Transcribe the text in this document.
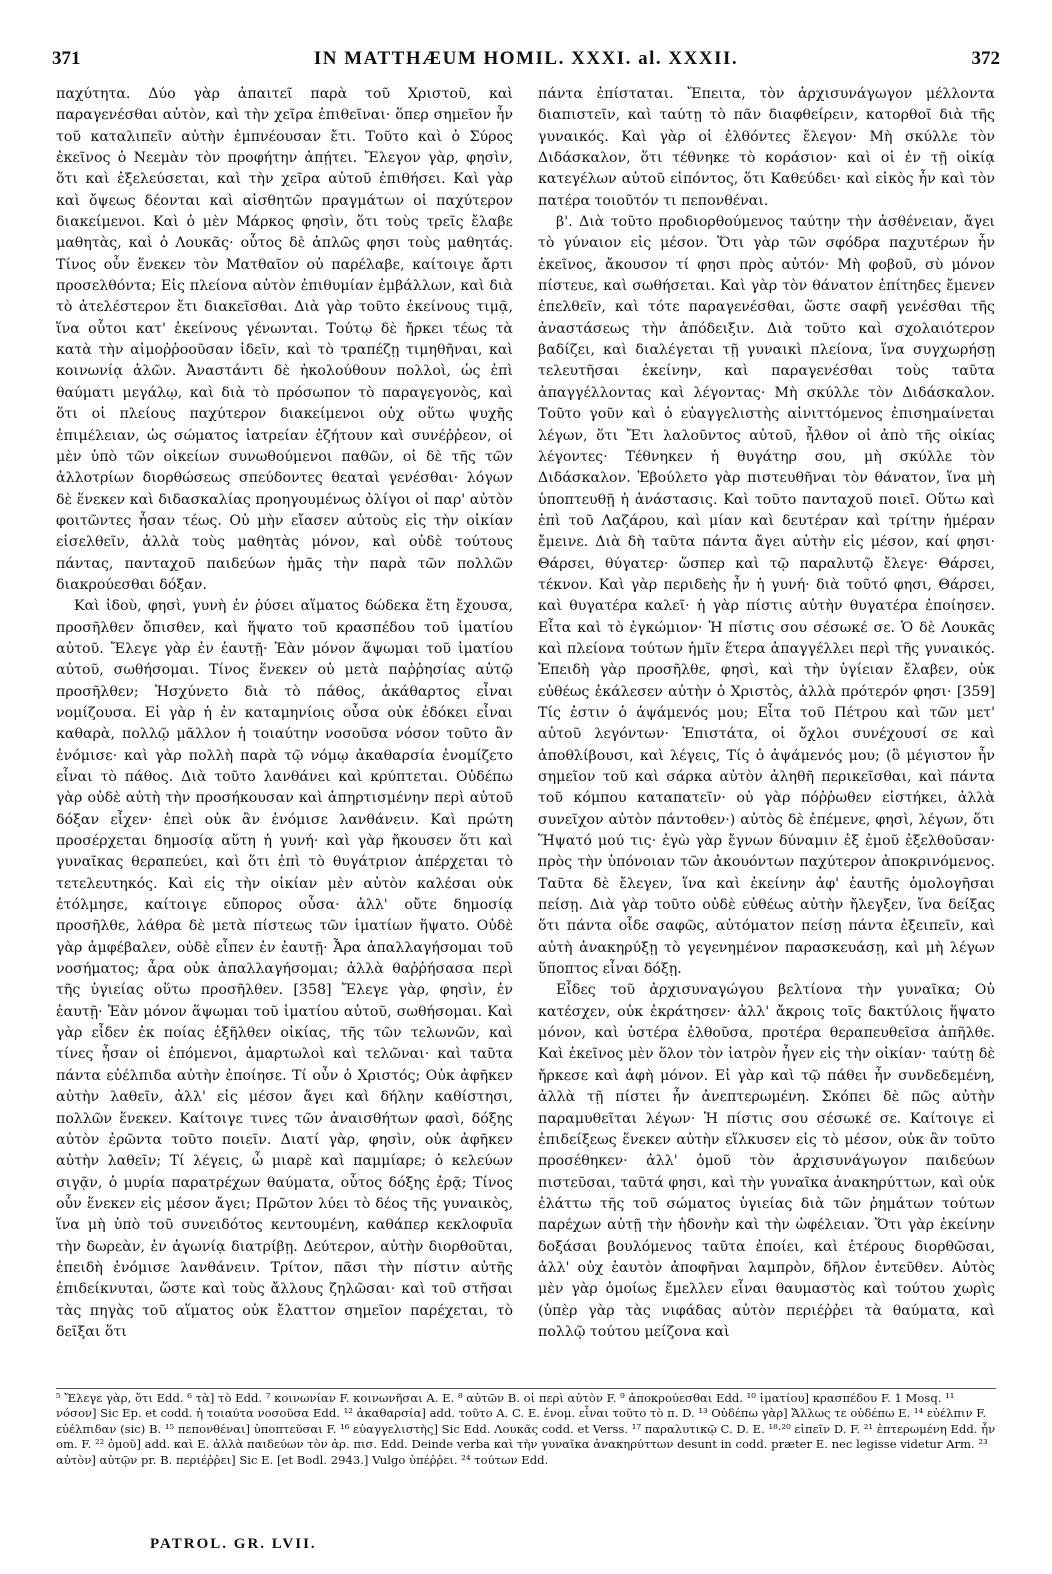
371	IN MATTHÆUM HOMIL. XXXI. al. XXXII.	372

παχύτητα. Δύο γὰρ ἀπαιτεῖ παρὰ τοῦ Χριστοῦ, καὶ παραγενέσθαι αὐτὸν, καὶ τὴν χεῖρα ἐπιθεῖναι· ὅπερ σημεῖον ἦν τοῦ καταλιπεῖν αὐτὴν ἐμπνέουσαν ἔτι. Τοῦτο καὶ ὁ Σύρος ἐκεῖνος ὁ Νεεμὰν τὸν προφήτην ἀπῄτει. Ἔλεγον γὰρ, φησὶν, ὅτι καὶ ἐξελεύσεται, καὶ τὴν χεῖρα αὐτοῦ ἐπιθήσει. Καὶ γὰρ καὶ ὄψεως δέονται καὶ αἰσθητῶν πραγμάτων οἱ παχύτερον διακείμενοι. Καὶ ὁ μὲν Μάρκος φησὶν, ὅτι τοὺς τρεῖς ἔλαβε μαθητὰς, καὶ ὁ Λουκᾶς· οὗτος δὲ ἁπλῶς φησι τοὺς μαθητάς. Τίνος οὖν ἕνεκεν τὸν Ματθαῖον οὐ παρέλαβε, καίτοιγε ἄρτι προσελθόντα; Εἰς πλείονα αὐτὸν ἐπιθυμίαν ἐμβάλλων, καὶ διὰ τὸ ἀτελέστερον ἔτι διακεῖσθαι. Διὰ γὰρ τοῦτο ἐκείνους τιμᾷ, ἵνα οὗτοι κατ' ἐκείνους γένωνται. Τούτῳ δὲ ἤρκει τέως τὰ κατὰ τὴν αἱμοῤῥοοῦσαν ἰδεῖν, καὶ τὸ τραπέζῃ τιμηθῆναι, καὶ κοινωνίᾳ ἁλῶν. Ἀναστάντι δὲ ἠκολούθουν πολλοὶ, ὡς ἐπὶ θαύματι μεγάλῳ, καὶ διὰ τὸ πρόσωπον τὸ παραγεγονὸς, καὶ ὅτι οἱ πλείους παχύτερον διακείμενοι οὐχ οὕτω ψυχῆς ἐπιμέλειαν, ὡς σώματος ἰατρείαν ἐζήτουν καὶ συνέῤῥεον, οἱ μὲν ὑπὸ τῶν οἰκείων συνωθούμενοι παθῶν, οἱ δὲ τῆς τῶν ἀλλοτρίων διορθώσεως σπεύδοντες θεαταὶ γενέσθαι· λόγων δὲ ἕνεκεν καὶ διδασκαλίας προηγουμένως ὀλίγοι οἱ παρ' αὐτὸν φοιτῶντες ἦσαν τέως. Οὐ μὴν εἴασεν αὐτοὺς εἰς τὴν οἰκίαν εἰσελθεῖν, ἀλλὰ τοὺς μαθητὰς μόνον, καὶ οὐδὲ τούτους πάντας, πανταχοῦ παιδεύων ἡμᾶς τὴν παρὰ τῶν πολλῶν διακρούεσθαι δόξαν.

Καὶ ἰδοὺ, φησὶ, γυνὴ ἐν ῥύσει αἵματος δώδεκα ἔτη ἔχουσα, προσῆλθεν ὄπισθεν, καὶ ἥψατο τοῦ κρασπέδου τοῦ ἱματίου αὐτοῦ. Ἔλεγε γὰρ ἐν ἑαυτῇ· Ἐὰν μόνον ἅψωμαι τοῦ ἱματίου αὐτοῦ, σωθήσομαι. Τίνος ἕνεκεν οὐ μετὰ παῤῥησίας αὐτῷ προσῆλθεν; Ἠσχύνετο διὰ τὸ πάθος, ἀκάθαρτος εἶναι νομίζουσα. Εἰ γὰρ ἡ ἐν καταμηνίοις οὖσα οὐκ ἐδόκει εἶναι καθαρὰ, πολλῷ μᾶλλον ἡ τοιαύτην νοσοῦσα νόσον τοῦτο ἂν ἐνόμισε· καὶ γὰρ πολλὴ παρὰ τῷ νόμῳ ἀκαθαρσία ἐνομίζετο εἶναι τὸ πάθος. Διὰ τοῦτο λανθάνει καὶ κρύπτεται. Οὐδέπω γὰρ οὐδὲ αὐτὴ τὴν προσήκουσαν καὶ ἀπηρτισμένην περὶ αὐτοῦ δόξαν εἶχεν· ἐπεὶ οὐκ ἂν ἐνόμισε λανθάνειν. Καὶ πρώτη προσέρχεται δημοσίᾳ αὕτη ἡ γυνή· καὶ γὰρ ἤκουσεν ὅτι καὶ γυναῖκας θεραπεύει, καὶ ὅτι ἐπὶ τὸ θυγάτριον ἀπέρχεται τὸ τετελευτηκός. Καὶ εἰς τὴν οἰκίαν μὲν αὐτὸν καλέσαι οὐκ ἐτόλμησε, καίτοιγε εὔπορος οὖσα· ἀλλ' οὔτε δημοσίᾳ προσῆλθε, λάθρα δὲ μετὰ πίστεως τῶν ἱματίων ἥψατο. Οὐδὲ γὰρ ἀμφέβαλεν, οὐδὲ εἶπεν ἐν ἑαυτῇ· Ἆρα ἀπαλλαγήσομαι τοῦ νοσήματος; ἆρα οὐκ ἀπαλλαγήσομαι; ἀλλὰ θαῤῥήσασα περὶ τῆς ὑγιείας οὕτω προσῆλθεν. [358] Ἔλεγε γὰρ, φησὶν, ἐν ἑαυτῇ· Ἐὰν μόνον ἅψωμαι τοῦ ἱματίου αὐτοῦ, σωθήσομαι. Καὶ γὰρ εἶδεν ἐκ ποίας ἐξῆλθεν οἰκίας, τῆς τῶν τελωνῶν, καὶ τίνες ἦσαν οἱ ἑπόμενοι, ἁμαρτωλοὶ καὶ τελῶναι· καὶ ταῦτα πάντα εὐέλπιδα αὐτὴν ἐποίησε. Τί οὖν ὁ Χριστός; Οὐκ ἀφῆκεν αὐτὴν λαθεῖν, ἀλλ' εἰς μέσον ἄγει καὶ δήλην καθίστησι, πολλῶν ἕνεκεν. Καίτοιγε τινες τῶν ἀναισθήτων φασὶ, δόξης αὐτὸν ἐρῶντα τοῦτο ποιεῖν. Διατί γὰρ, φησὶν, οὐκ ἀφῆκεν αὐτὴν λαθεῖν; Τί λέγεις, ὦ μιαρὲ καὶ παμμίαρε; ὁ κελεύων σιγᾷν, ὁ μυρία παρατρέχων θαύματα, οὗτος δόξης ἐρᾷ; Τίνος οὖν ἕνεκεν εἰς μέσον ἄγει; Πρῶτον λύει τὸ δέος τῆς γυναικὸς, ἵνα μὴ ὑπὸ τοῦ συνειδότος κεντουμένη, καθάπερ κεκλοφυῖα τὴν δωρεὰν, ἐν ἀγωνίᾳ διατρίβῃ. Δεύτερον, αὐτὴν διορθοῦται, ἐπειδὴ ἐνόμισε λανθάνειν. Τρίτον, πᾶσι τὴν πίστιν αὐτῆς ἐπιδείκνυται, ὥστε καὶ τοὺς ἄλλους ζηλῶσαι· καὶ τοῦ στῆσαι τὰς πηγὰς τοῦ αἵματος οὐκ ἔλαττον σημεῖον παρέχεται, τὸ δεῖξαι ὅτι

πάντα ἐπίσταται. Ἔπειτα, τὸν ἀρχισυνάγωγον μέλλοντα διαπιστεῖν, καὶ ταύτῃ τὸ πᾶν διαφθείρειν, κατορθοῖ διὰ τῆς γυναικός. Καὶ γὰρ οἱ ἐλθόντες ἔλεγον· Μὴ σκύλλε τὸν Διδάσκαλον, ὅτι τέθνηκε τὸ κοράσιον· καὶ οἱ ἐν τῇ οἰκίᾳ κατεγέλων αὐτοῦ εἰπόντος, ὅτι Καθεύδει· καὶ εἰκὸς ἦν καὶ τὸν πατέρα τοιοῦτόν τι πεπονθέναι.

β'. Διὰ τοῦτο προδιορθούμενος ταύτην τὴν ἀσθένειαν, ἄγει τὸ γύναιον εἰς μέσον. Ὅτι γὰρ τῶν σφόδρα παχυτέρων ἦν ἐκεῖνος, ἄκουσον τί φησι πρὸς αὐτόν· Μὴ φοβοῦ, σὺ μόνον πίστευε, καὶ σωθήσεται. Καὶ γὰρ τὸν θάνατον ἐπίτηδες ἔμενεν ἐπελθεῖν, καὶ τότε παραγενέσθαι, ὥστε σαφῆ γενέσθαι τῆς ἀναστάσεως τὴν ἀπόδειξιν. Διὰ τοῦτο καὶ σχολαιότερον βαδίζει, καὶ διαλέγεται τῇ γυναικὶ πλείονα, ἵνα συγχωρήσῃ τελευτῆσαι ἐκείνην, καὶ παραγενέσθαι τοὺς ταῦτα ἀπαγγέλλοντας καὶ λέγοντας· Μὴ σκύλλε τὸν Διδάσκαλον. Τοῦτο γοῦν καὶ ὁ εὐαγγελιστὴς αἰνιττόμενος ἐπισημαίνεται λέγων, ὅτι Ἔτι λαλοῦντος αὐτοῦ, ἦλθον οἱ ἀπὸ τῆς οἰκίας λέγοντες· Τέθνηκεν ἡ θυγάτηρ σου, μὴ σκύλλε τὸν Διδάσκαλον. Ἐβούλετο γὰρ πιστευθῆναι τὸν θάνατον, ἵνα μὴ ὑποπτευθῇ ἡ ἀνάστασις. Καὶ τοῦτο πανταχοῦ ποιεῖ. Οὕτω καὶ ἐπὶ τοῦ Λαζάρου, καὶ μίαν καὶ δευτέραν καὶ τρίτην ἡμέραν ἔμεινε. Διὰ δὴ ταῦτα πάντα ἄγει αὐτὴν εἰς μέσον, καί φησι· Θάρσει, θύγατερ· ὥσπερ καὶ τῷ παραλυτῷ ἔλεγε· Θάρσει, τέκνον. Καὶ γὰρ περιδεὴς ἦν ἡ γυνή· διὰ τοῦτό φησι, Θάρσει, καὶ θυγατέρα καλεῖ· ἡ γὰρ πίστις αὐτὴν θυγατέρα ἐποίησεν. Εἶτα καὶ τὸ ἐγκώμιον· Ἡ πίστις σου σέσωκέ σε. Ὁ δὲ Λουκᾶς καὶ πλείονα τούτων ἡμῖν ἕτερα ἀπαγγέλλει περὶ τῆς γυναικός. Ἐπειδὴ γὰρ προσῆλθε, φησὶ, καὶ τὴν ὑγίειαν ἔλαβεν, οὐκ εὐθέως ἐκάλεσεν αὐτὴν ὁ Χριστὸς, ἀλλὰ πρότερόν φησι· [359] Τίς ἐστιν ὁ ἁψάμενός μου; Εἶτα τοῦ Πέτρου καὶ τῶν μετ' αὐτοῦ λεγόντων· Ἐπιστάτα, οἱ ὄχλοι συνέχουσί σε καὶ ἀποθλίβουσι, καὶ λέγεις, Τίς ὁ ἁψάμενός μου; (ὃ μέγιστον ἦν σημεῖον τοῦ καὶ σάρκα αὐτὸν ἀληθῆ περικεῖσθαι, καὶ πάντα τοῦ κόμπου καταπατεῖν· οὐ γὰρ πόῤῥωθεν εἱστήκει, ἀλλὰ συνεῖχον αὐτὸν πάντοθεν·) αὐτὸς δὲ ἐπέμενε, φησὶ, λέγων, ὅτι Ἥψατό μού τις· ἐγὼ γὰρ ἔγνων δύναμιν ἐξ ἐμοῦ ἐξελθοῦσαν· πρὸς τὴν ὑπόνοιαν τῶν ἀκουόντων παχύτερον ἀποκρινόμενος. Ταῦτα δὲ ἔλεγεν, ἵνα καὶ ἐκείνην ἀφ' ἑαυτῆς ὁμολογῆσαι πείσῃ. Διὰ γὰρ τοῦτο οὐδὲ εὐθέως αὐτὴν ἤλεγξεν, ἵνα δείξας ὅτι πάντα οἶδε σαφῶς, αὐτόματον πείσῃ πάντα ἐξειπεῖν, καὶ αὐτὴ ἀνακηρύξῃ τὸ γεγενημένον παρασκευάσῃ, καὶ μὴ λέγων ὕποπτος εἶναι δόξῃ.

Εἶδες τοῦ ἀρχισυναγώγου βελτίονα τὴν γυναῖκα; Οὐ κατέσχεν, οὐκ ἐκράτησεν· ἀλλ' ἄκροις τοῖς δακτύλοις ἥψατο μόνον, καὶ ὑστέρα ἐλθοῦσα, προτέρα θεραπευθεῖσα ἀπῆλθε. Καὶ ἐκεῖνος μὲν ὅλον τὸν ἰατρὸν ἦγεν εἰς τὴν οἰκίαν· ταύτῃ δὲ ἤρκεσε καὶ ἁφὴ μόνον. Εἰ γὰρ καὶ τῷ πάθει ἦν συνδεδεμένη, ἀλλὰ τῇ πίστει ἦν ἀνεπτερωμένη. Σκόπει δὲ πῶς αὐτὴν παραμυθεῖται λέγων· Ἡ πίστις σου σέσωκέ σε. Καίτοιγε εἰ ἐπιδείξεως ἕνεκεν αὐτὴν εἵλκυσεν εἰς τὸ μέσον, οὐκ ἂν τοῦτο προσέθηκεν· ἀλλ' ὁμοῦ τὸν ἀρχισυνάγωγον παιδεύων πιστεῦσαι, ταῦτά φησι, καὶ τὴν γυναῖκα ἀνακηρύττων, καὶ οὐκ ἐλάττω τῆς τοῦ σώματος ὑγιείας διὰ τῶν ῥημάτων τούτων παρέχων αὐτῇ τὴν ἡδονὴν καὶ τὴν ὠφέλειαν. Ὅτι γὰρ ἐκείνην δοξάσαι βουλόμενος ταῦτα ἐποίει, καὶ ἑτέρους διορθῶσαι, ἀλλ' οὐχ ἑαυτὸν ἀποφῆναι λαμπρὸν, δῆλον ἐντεῦθεν. Αὐτὸς μὲν γὰρ ὁμοίως ἔμελλεν εἶναι θαυμαστὸς καὶ τούτου χωρὶς (ὑπὲρ γὰρ τὰς νιφάδας αὐτὸν περιέῤῥει τὰ θαύματα, καὶ πολλῷ τούτου μείζονα καὶ

⁵ Ἔλεγε γὰρ, ὅτι Edd. ⁶ τὰ] τὸ Edd. ⁷ κοινωνίαν F. κοινωνῆσαι A. E. ⁸ αὐτῶν B. οἱ περὶ αὐτὸν F. ⁹ ἀποκρούεσθαι Edd. ¹⁰ ἱματίου] κρασπέδου F. 1 Mosq. ¹¹ νόσον] Sic Ep. et codd. ἡ τοιαύτα νοσοῦσα Edd. ¹² ἀκαθαρσία] add. τοῦτο A. C. E. ἐνομ. εἶναι τοῦτο τὸ π. D. ¹³ Οὐδέπω γὰρ] Ἄλλως τε οὐδέπω E. ¹⁴ εὐέλπιν F. εὐέλπιδαν (sic) B. ¹⁵ πεπονθέναι] ὑποπτεῦσαι F. ¹⁶ εὐαγγελιστὴς] Sic Edd. Λουκᾶς codd. et Verss. ¹⁷ παραλυτικῷ C. D. E. ¹⁸·²⁰ εἰπεῖν D. F. ²¹ ἐπτερωμένη Edd. ἦν om. F. ²² ὁμοῦ] add. καὶ E. ἀλλὰ παιδεύων τὸν ἀρ. πισ. Edd. Deinde verba καὶ τὴν γυναῖκα ἀνακηρύττων desunt in codd. præter E. nec legisse videtur Arm. ²³ αὐτὸν] αὐτῷν pr. B. περιέῤῥει] Sic E. [et Bodl. 2943.] Vulgo ὑπέῤῥει. ²⁴ τούτων Edd.

PATROL. GR. LVII.
